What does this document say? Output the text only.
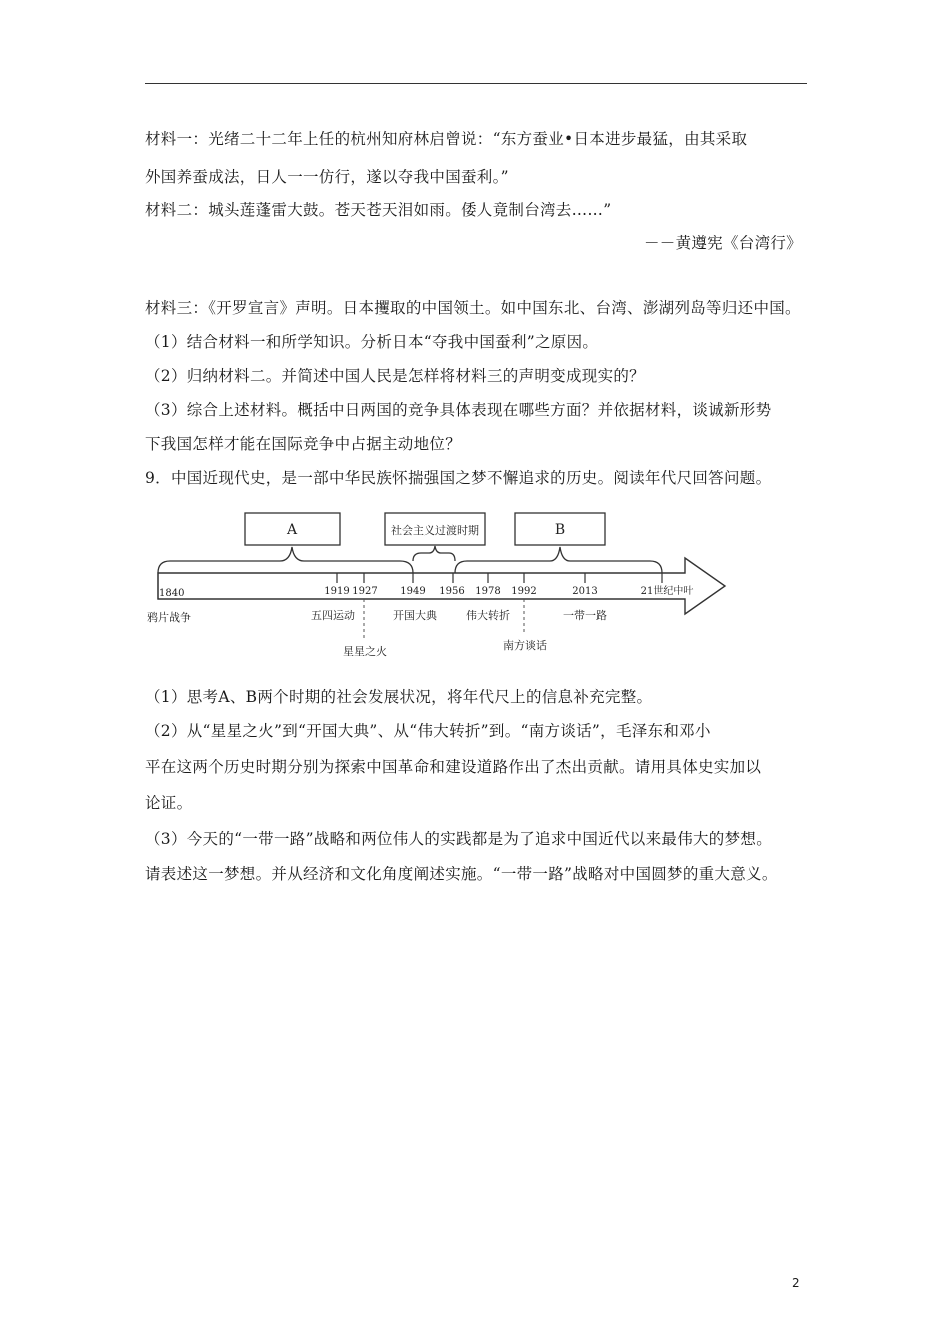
材料一：光绪二十二年上任的杭州知府林启曾说：“东方蚕业•日本进步最猛，由其采取
外国养蚕成法，日人一一仿行，遂以夺我中国蚕利。”
材料二：城头莲蓬雷大鼓。苍天苍天泪如雨。倭人竟制台湾去……”
－－黄遵宪《台湾行》
材料三：《开罗宣言》声明。日本攫取的中国领土。如中国东北、台湾、澎湖列岛等归还中国。
（1）结合材料一和所学知识。分析日本“夺我中国蚕利”之原因。
（2）归纳材料二。并简述中国人民是怎样将材料三的声明变成现实的？
（3）综合上述材料。概括中日两国的竞争具体表现在哪些方面？并依据材料，谈诚新形势
下我国怎样才能在国际竞争中占据主动地位？
9．中国近现代史，是一部中华民族怀揣强国之梦不懈追求的历史。阅读年代尺回答问题。
A	社会主义过渡时期	B
1840	1919 1927 1949 1956 1978 1992	2013	21世纪中叶
鸦片战争	五四运动
星星之火
开国大典	伟大转折
南方谈话
一带一路
（1）思考A、B两个时期的社会发展状况，将年代尺上的信息补充完整。
（2）从“星星之火”到“开国大典”、从“伟大转折”到。“南方谈话”，毛泽东和邓小
平在这两个历史时期分别为探索中国革命和建设道路作出了杰出贡献。请用具体史实加以
论证。
（3）今天的“一带一路”战略和两位伟人的实践都是为了追求中国近代以来最伟大的梦想。
请表述这一梦想。并从经济和文化角度阐述实施。“一带一路”战略对中国圆梦的重大意义。
2
